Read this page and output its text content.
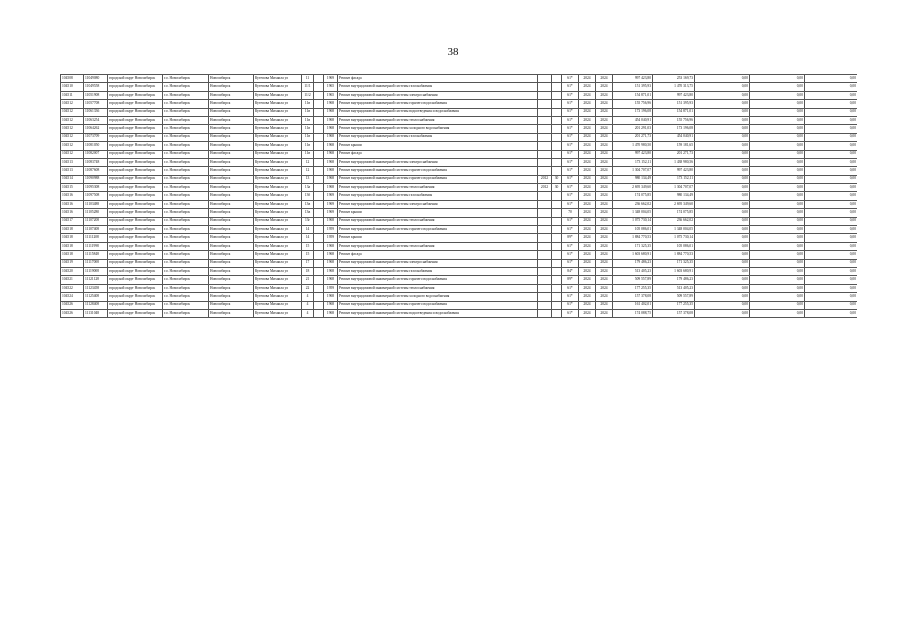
38
104508	11049080	городской округ Новосибирск	г.о. Новосибирск	Новосибирск	Кутепова Михаила ул	11		1969	Ремонт фасада			61*	2024	2024	997 423,80	253 169,73	0,00	0,00	0,00
104510	11049558	городской округ Новосибирск	г.о. Новосибирск	Новосибирск	Кутепова Михаила ул	11/1		1965	Ремонт внутридомовой инженерной системы газоснабжения			61*	2024	2024	151 395,93	1 470 313,75	0,00	0,00	0,00
104511	11051908	городской округ Новосибирск	г.о. Новосибирск	Новосибирск	Кутепова Михаила ул	11/2		1965	Ремонт внутридомовой инженерной системы электроснабжения			61*	2024	2024	154 871,01	997 423,80	0,00	0,00	0,00
104512	11057708	городской округ Новосибирск	г.о. Новосибирск	Новосибирск	Кутепова Михаила ул	11в		1968	Ремонт внутридомовой инженерной системы горячего водоснабжения			61*	2024	2024	155 756,96	151 395,93	0,00	0,00	0,00
104512	11061336	городской округ Новосибирск	г.о. Новосибирск	Новосибирск	Кутепова Михаила ул	11в		1968	Ремонт внутридомовой инженерной системы водоотведения и водоснабжения			61*	2024	2024	173 196,08	154 871,01	0,00	0,00	0,00
104512	11063254	городской округ Новосибирск	г.о. Новосибирск	Новосибирск	Кутепова Михаила ул	11в		1968	Ремонт внутридомовой инженерной системы теплоснабжения			61*	2024	2024	454 040,91	155 756,96	0,00	0,00	0,00
104512	11064262	городской округ Новосибирск	г.о. Новосибирск	Новосибирск	Кутепова Михаила ул	11в		1968	Ремонт внутридомовой инженерной системы холодного водоснабжения			61*	2024	2024	201 291,03	173 196,08	0,00	0,00	0,00
104512	11073709	городской округ Новосибирск	г.о. Новосибирск	Новосибирск	Кутепова Михаила ул	11в		1968	Ремонт внутридомовой инженерной системы газоснабжения			61*	2024	2024	201 271,73	454 040,91	0,00	0,00	0,00
104512	11081050	городской округ Новосибирск	г.о. Новосибирск	Новосибирск	Кутепова Михаила ул	11в		1968	Ремонт крыши			61*	2024	2024	1 470 980,50	159 181,65	0,00	0,00	0,00
104512	11082007	городской округ Новосибирск	г.о. Новосибирск	Новосибирск	Кутепова Михаила ул	11в		1968	Ремонт фасада			61*	2024	2024	997 423,80	201 271,73	0,00	0,00	0,00
104513	11083748	городской округ Новосибирск	г.о. Новосибирск	Новосибирск	Кутепова Михаила ул	12		1968	Ремонт внутридомовой инженерной системы электроснабжения			61*	2024	2024	173 152,11	1 438 980,56	0,00	0,00	0,00
104513	11087608	городской округ Новосибирск	г.о. Новосибирск	Новосибирск	Кутепова Михаила ул	12		1968	Ремонт внутридомовой инженерной системы горячего водоснабжения			61*	2024	2024	1 304 707,07	997 423,80	0,00	0,00	0,00
104514	11090988	городской округ Новосибирск	г.о. Новосибирск	Новосибирск	Кутепова Михаила ул	13		1968	Ремонт внутридомовой инженерной системы горячего водоснабжения	2012	30	61*	2024	2024	980 134,49	173 152,11	0,00	0,00	0,00
104515	11095308	городской округ Новосибирск	г.о. Новосибирск	Новосибирск	Кутепова Михаила ул	13а		1968	Ремонт внутридомовой инженерной системы теплоснабжения	2012	30	61*	2024	2024	2 695 349,60	1 304 707,07	0,00	0,00	0,00
104516	11097508	городской округ Новосибирск	г.о. Новосибирск	Новосибирск	Кутепова Михаила ул	13б		1969	Ремонт внутридомовой инженерной системы газоснабжения			61*	2024	2024	174 075,85	980 134,49	0,00	0,00	0,00
104516	11103488	городской округ Новосибирск	г.о. Новосибирск	Новосибирск	Кутепова Михаила ул	13в		1969	Ремонт внутридомовой инженерной системы электроснабжения			61*	2024	2024	236 662,02	2 695 349,60	0,00	0,00	0,00
104516	11105280	городской округ Новосибирск	г.о. Новосибирск	Новосибирск	Кутепова Михаила ул	13в		1969	Ремонт крыши			70	2024	2024	1 348 004,05	174 075,85	0,00	0,00	0,00
104517	11107208	городской округ Новосибирск	г.о. Новосибирск	Новосибирск	Кутепова Михаила ул	13г		1968	Ремонт внутридомовой инженерной системы теплоснабжения			61*	2024	2024	1 075 730,14	236 662,02	0,00	0,00	0,00
104518	11107408	городской округ Новосибирск	г.о. Новосибирск	Новосибирск	Кутепова Михаила ул	14		1959	Ремонт внутридомовой инженерной системы горячего водоснабжения			61*	2024	2024	105 086,01	1 348 004,05	0,00	0,00	0,00
104518	11111208	городской округ Новосибирск	г.о. Новосибирск	Новосибирск	Кутепова Михаила ул	14		1959	Ремонт крыши			89*	2024	2024	1 884 770,53	1 075 730,14	0,00	0,00	0,00
104518	11111998	городской округ Новосибирск	г.о. Новосибирск	Новосибирск	Кутепова Михаила ул	15		1968	Ремонт внутридомовой инженерной системы теплоснабжения			61*	2024	2024	171 325,35	105 086,01	0,00	0,00	0,00
104518	11115848	городской округ Новосибирск	г.о. Новосибирск	Новосибирск	Кутепова Михаила ул	15		1968	Ремонт фасада			61*	2024	2024	1 603 680,91	1 884 770,53	0,00	0,00	0,00
104519	11117008	городской округ Новосибирск	г.о. Новосибирск	Новосибирск	Кутепова Михаила ул	17		1968	Ремонт внутридомовой инженерной системы электроснабжения			61*	2024	2024	179 486,23	171 325,35	0,00	0,00	0,00
104520	11119008	городской округ Новосибирск	г.о. Новосибирск	Новосибирск	Кутепова Михаила ул	18		1968	Ремонт внутридомовой инженерной системы газоснабжения			84*	2024	2024	513 405,23	1 603 680,91	0,00	0,00	0,00
104521	11121128	городской округ Новосибирск	г.о. Новосибирск	Новосибирск	Кутепова Михаила ул	21		1968	Ремонт внутридомовой инженерной системы горячего водоснабжения			89*	2024	2024	509 557,89	179 486,23	0,00	0,00	0,00
104522	11123458	городской округ Новосибирск	г.о. Новосибирск	Новосибирск	Кутепова Михаила ул	22		1959	Ремонт внутридомовой инженерной системы теплоснабжения			61*	2024	2024	177 255,35	513 405,23	0,00	0,00	0,00
104524	11125408	городской округ Новосибирск	г.о. Новосибирск	Новосибирск	Кутепова Михаила ул	4		1968	Ремонт внутридомовой инженерной системы холодного водоснабжения			61*	2024	2024	157 378,08	509 557,89	0,00	0,00	0,00
104526	11128408	городской округ Новосибирск	г.о. Новосибирск	Новосибирск	Кутепова Михаила ул	4		1968	Ремонт внутридомовой инженерной системы горячего водоснабжения			61*	2024	2024	161 402,01	177 255,35	0,00	0,00	0,00
104526	11131048	городской округ Новосибирск	г.о. Новосибирск	Новосибирск	Кутепова Михаила ул	4		1968	Ремонт внутридомовой инженерной системы водоотведения и водоснабжения			61*	2024	2024	174 088,75	157 378,08	0,00	0,00	0,00
